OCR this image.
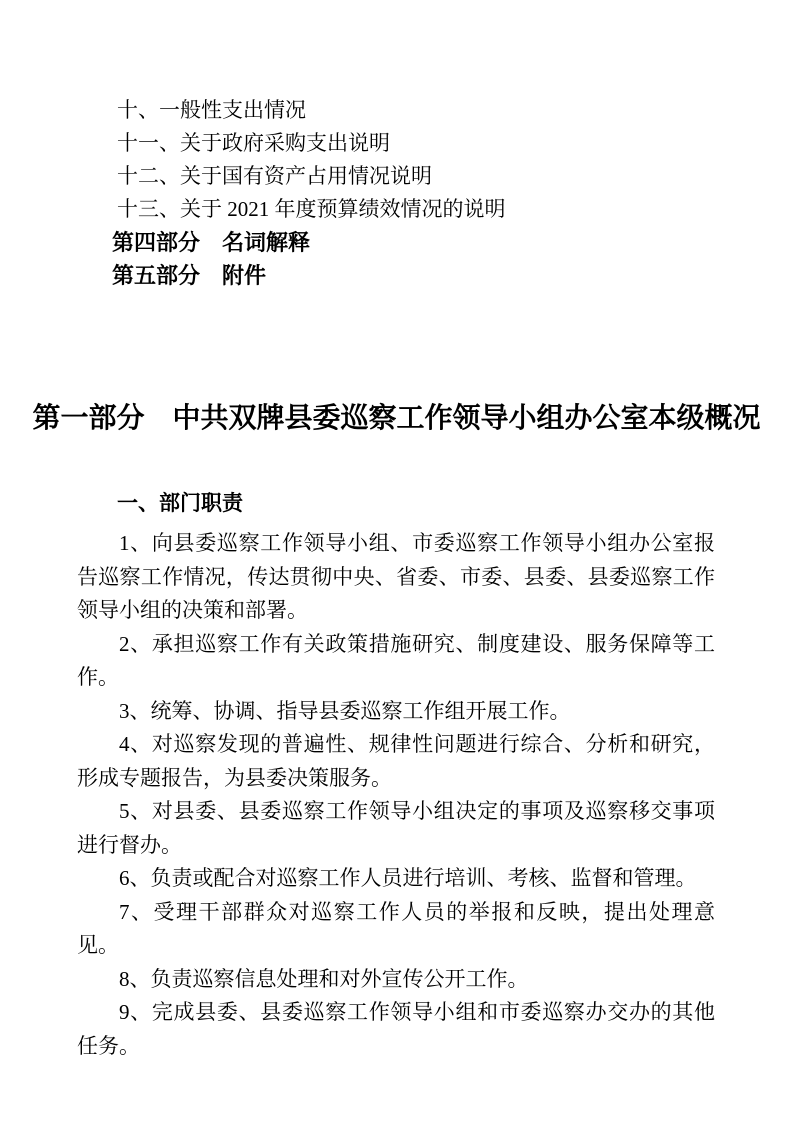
十、一般性支出情况
十一、关于政府采购支出说明
十二、关于国有资产占用情况说明
十三、关于 2021 年度预算绩效情况的说明
第四部分　名词解释
第五部分　附件
第一部分　中共双牌县委巡察工作领导小组办公室本级概况
一、部门职责

1、向县委巡察工作领导小组、市委巡察工作领导小组办公室报告巡察工作情况，传达贯彻中央、省委、市委、县委、县委巡察工作领导小组的决策和部署。

2、承担巡察工作有关政策措施研究、制度建设、服务保障等工作。

3、统筹、协调、指导县委巡察工作组开展工作。

4、对巡察发现的普遍性、规律性问题进行综合、分析和研究，形成专题报告，为县委决策服务。

5、对县委、县委巡察工作领导小组决定的事项及巡察移交事项进行督办。

6、负责或配合对巡察工作人员进行培训、考核、监督和管理。

7、受理干部群众对巡察工作人员的举报和反映，提出处理意见。

8、负责巡察信息处理和对外宣传公开工作。

9、完成县委、县委巡察工作领导小组和市委巡察办交办的其他任务。
